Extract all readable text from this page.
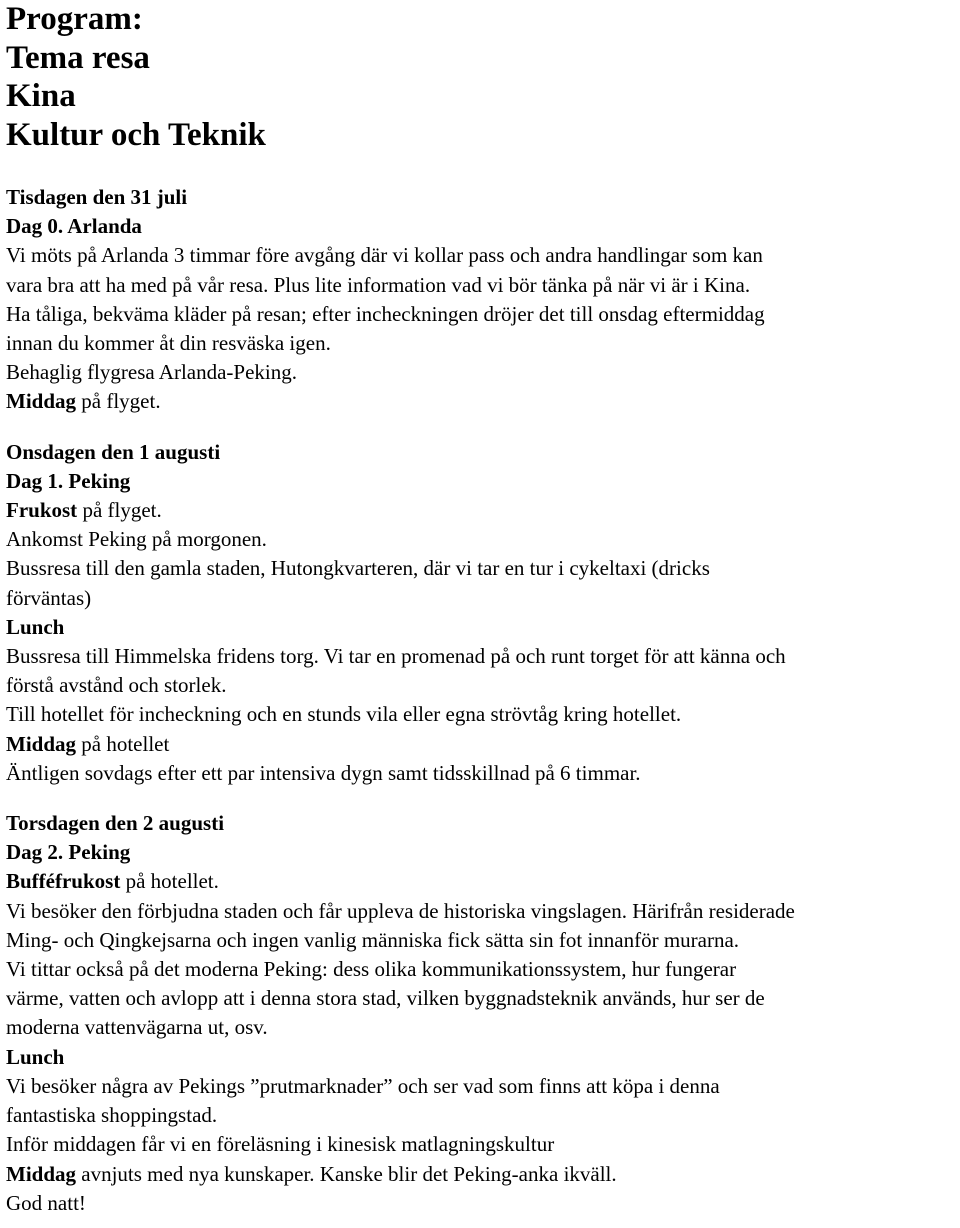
Program:
Tema resa
Kina
Kultur och Teknik
Tisdagen den 31 juli
Dag 0. Arlanda
Vi möts på Arlanda 3 timmar före avgång där vi kollar pass och andra handlingar som kan
vara bra att ha med på vår resa. Plus lite information vad vi bör tänka på när vi är i Kina.
Ha tåliga, bekväma kläder på resan; efter incheckningen dröjer det till onsdag eftermiddag
innan du kommer åt din resväska igen.
Behaglig flygresa Arlanda-Peking.
Middag på flyget.
Onsdagen den 1 augusti
Dag 1. Peking
Frukost på flyget.
Ankomst Peking på morgonen.
Bussresa till den gamla staden, Hutongkvarteren, där vi tar en tur i cykeltaxi (dricks
förväntas)
Lunch
Bussresa till Himmelska fridens torg. Vi tar en promenad på och runt torget för att känna och
förstå avstånd och storlek.
Till hotellet för incheckning och en stunds vila eller egna strövtåg kring hotellet.
Middag på hotellet
Äntligen sovdags efter ett par intensiva dygn samt tidsskillnad på 6 timmar.
Torsdagen den 2 augusti
Dag 2. Peking
Bufféfrukost på hotellet.
Vi besöker den förbjudna staden och får uppleva de historiska vingslagen. Härifrån residerade
Ming- och Qingkejsarna och ingen vanlig människa fick sätta sin fot innanför murarna.
Vi tittar också på det moderna Peking: dess olika kommunikationssystem, hur fungerar
värme, vatten och avlopp att i denna stora stad, vilken byggnadsteknik används, hur ser de
moderna vattenvägarna ut, osv.
Lunch
Vi besöker några av Pekings ”prutmarknader” och ser vad som finns att köpa i denna
fantastiska shoppingstad.
Inför middagen får vi en föreläsning i kinesisk matlagningskultur
Middag avnjuts med nya kunskaper. Kanske blir det Peking-anka ikväll.
God natt!
